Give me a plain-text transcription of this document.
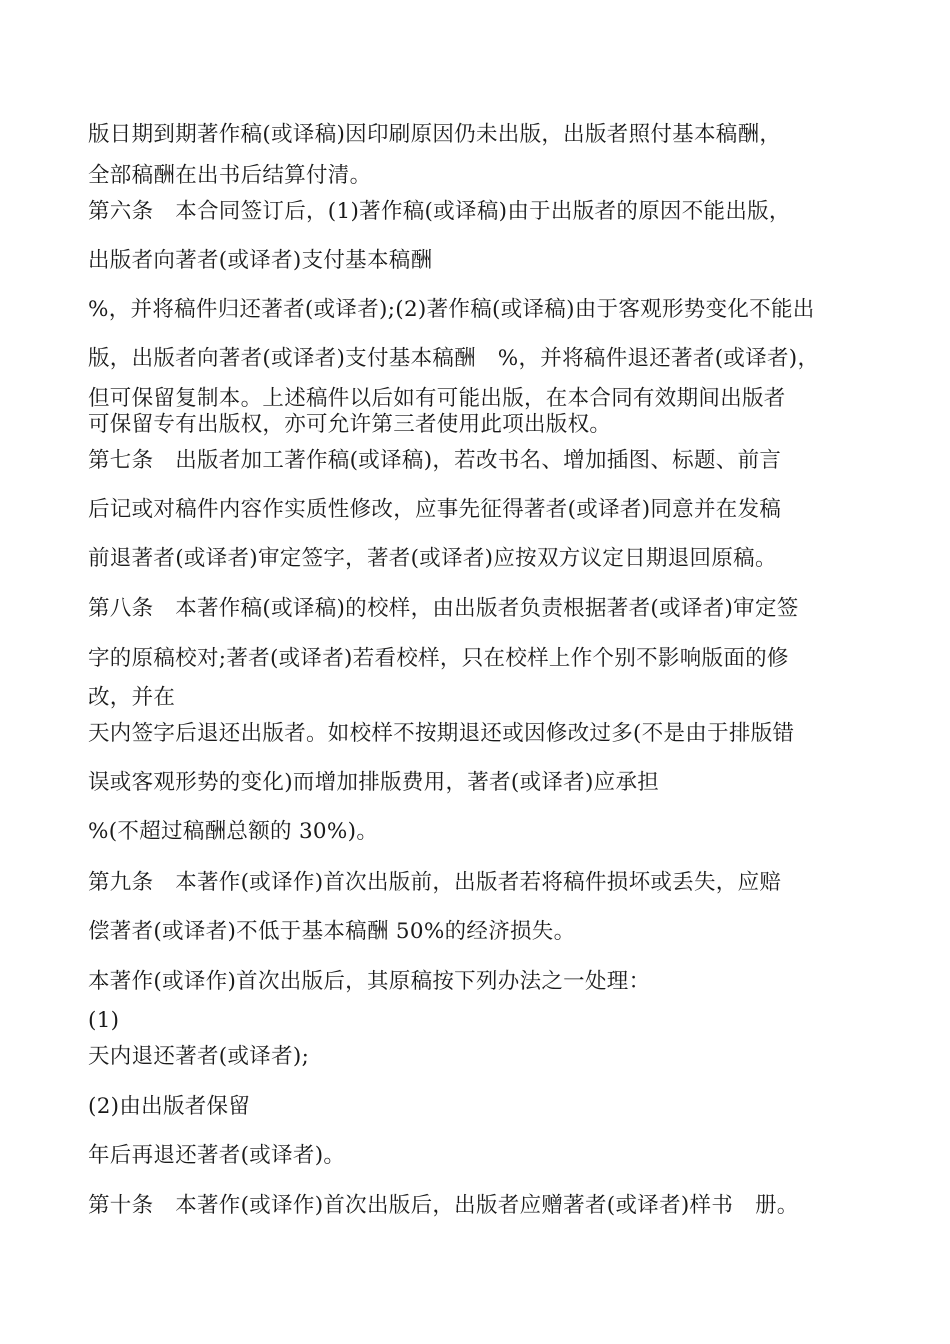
版日期到期著作稿(或译稿)因印刷原因仍未出版，出版者照付基本稿酬，
全部稿酬在出书后结算付清。
第六条　本合同签订后，(1)著作稿(或译稿)由于出版者的原因不能出版，
出版者向著者(或译者)支付基本稿酬
%，并将稿件归还著者(或译者);(2)著作稿(或译稿)由于客观形势变化不能出
版，出版者向著者(或译者)支付基本稿酬　%，并将稿件退还著者(或译者)，
但可保留复制本。上述稿件以后如有可能出版，在本合同有效期间出版者
可保留专有出版权，亦可允许第三者使用此项出版权。
第七条　出版者加工著作稿(或译稿)，若改书名、增加插图、标题、前言
后记或对稿件内容作实质性修改，应事先征得著者(或译者)同意并在发稿
前退著者(或译者)审定签字，著者(或译者)应按双方议定日期退回原稿。
第八条　本著作稿(或译稿)的校样，由出版者负责根据著者(或译者)审定签
字的原稿校对;著者(或译者)若看校样，只在校样上作个别不影响版面的修
改，并在
天内签字后退还出版者。如校样不按期退还或因修改过多(不是由于排版错
误或客观形势的变化)而增加排版费用，著者(或译者)应承担
%(不超过稿酬总额的 30%)。
第九条　本著作(或译作)首次出版前，出版者若将稿件损坏或丢失，应赔
偿著者(或译者)不低于基本稿酬 50%的经济损失。
本著作(或译作)首次出版后，其原稿按下列办法之一处理：
(1)
天内退还著者(或译者);
(2)由出版者保留
年后再退还著者(或译者)。
第十条　本著作(或译作)首次出版后，出版者应赠著者(或译者)样书　册。
